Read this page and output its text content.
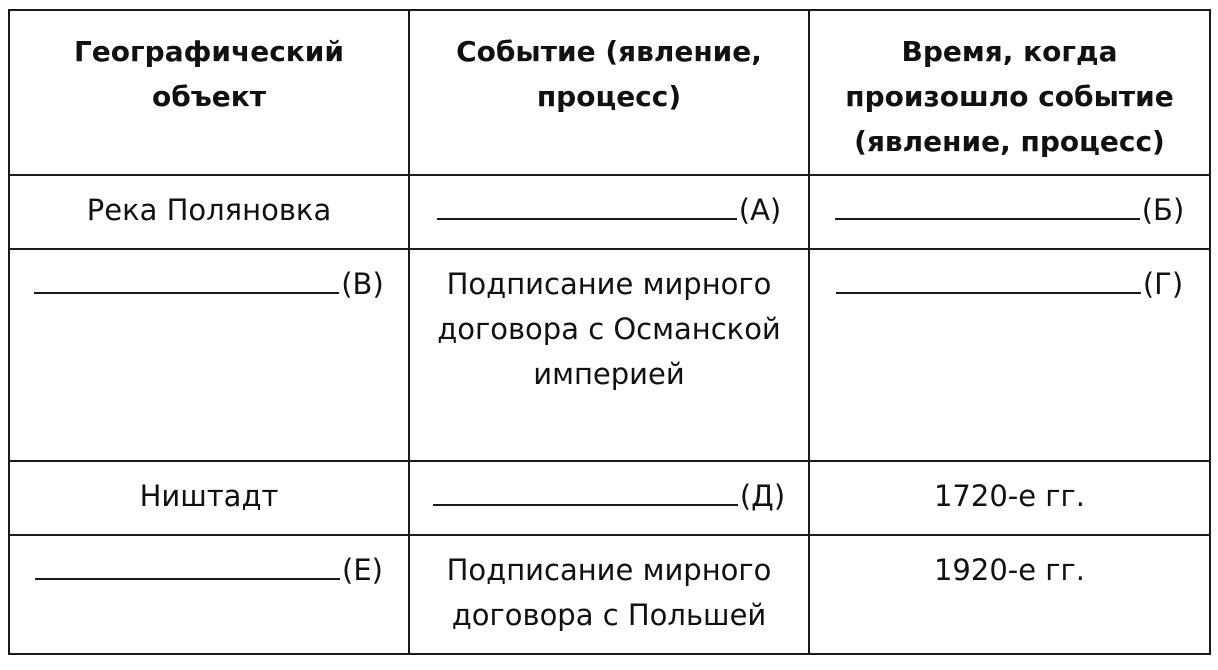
Географический объект	Событие (явление, процесс)	Время, когда произошло событие (явление, процесс)
Река Поляновка	(А)	(Б)
(В)	Подписание мирного договора с Османской империей	(Г)
Ништадт	(Д)	1720-е гг.
(Е)	Подписание мирного договора с Польшей	1920-е гг.
